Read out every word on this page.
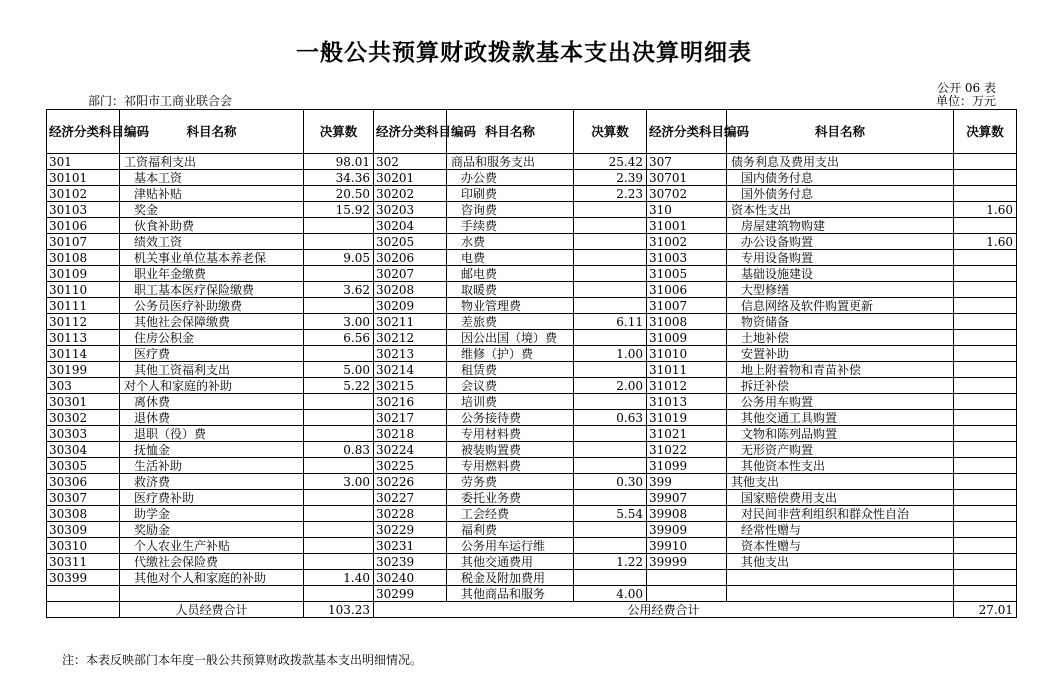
一般公共预算财政拨款基本支出决算明细表
公开 06 表
单位：万元
部门：祁阳市工商业联合会
经济分类科目编码	科目名称	决算数	经济分类科目编码	科目名称	决算数	经济分类科目编码	科目名称	决算数
301	工资福利支出	98.01	302	商品和服务支出	25.42	307	债务利息及费用支出	
30101	基本工资	34.36	30201	办公费	2.39	30701	国内债务付息	
30102	津贴补贴	20.50	30202	印刷费	2.23	30702	国外债务付息	
30103	奖金	15.92	30203	咨询费		310	资本性支出	1.60
30106	伙食补助费		30204	手续费		31001	房屋建筑物购建	
30107	绩效工资		30205	水费		31002	办公设备购置	1.60
30108	机关事业单位基本养老保	9.05	30206	电费		31003	专用设备购置	
30109	职业年金缴费		30207	邮电费		31005	基础设施建设	
30110	职工基本医疗保险缴费	3.62	30208	取暖费		31006	大型修缮	
30111	公务员医疗补助缴费		30209	物业管理费		31007	信息网络及软件购置更新	
30112	其他社会保障缴费	3.00	30211	差旅费	6.11	31008	物资储备	
30113	住房公积金	6.56	30212	因公出国（境）费		31009	土地补偿	
30114	医疗费		30213	维修（护）费	1.00	31010	安置补助	
30199	其他工资福利支出	5.00	30214	租赁费		31011	地上附着物和青苗补偿	
303	对个人和家庭的补助	5.22	30215	会议费	2.00	31012	拆迁补偿	
30301	离休费		30216	培训费		31013	公务用车购置	
30302	退休费		30217	公务接待费	0.63	31019	其他交通工具购置	
30303	退职（役）费		30218	专用材料费		31021	文物和陈列品购置	
30304	抚恤金	0.83	30224	被装购置费		31022	无形资产购置	
30305	生活补助		30225	专用燃料费		31099	其他资本性支出	
30306	救济费	3.00	30226	劳务费	0.30	399	其他支出	
30307	医疗费补助		30227	委托业务费		39907	国家赔偿费用支出	
30308	助学金		30228	工会经费	5.54	39908	对民间非营利组织和群众性自治	
30309	奖励金		30229	福利费		39909	经常性赠与	
30310	个人农业生产补贴		30231	公务用车运行维		39910	资本性赠与	
30311	代缴社会保险费		30239	其他交通费用	1.22	39999	其他支出	
30399	其他对个人和家庭的补助	1.40	30240	税金及附加费用				
			30299	其他商品和服务	4.00			
	人员经费合计	103.23	公用经费合计					27.01
注：本表反映部门本年度一般公共预算财政拨款基本支出明细情况。
